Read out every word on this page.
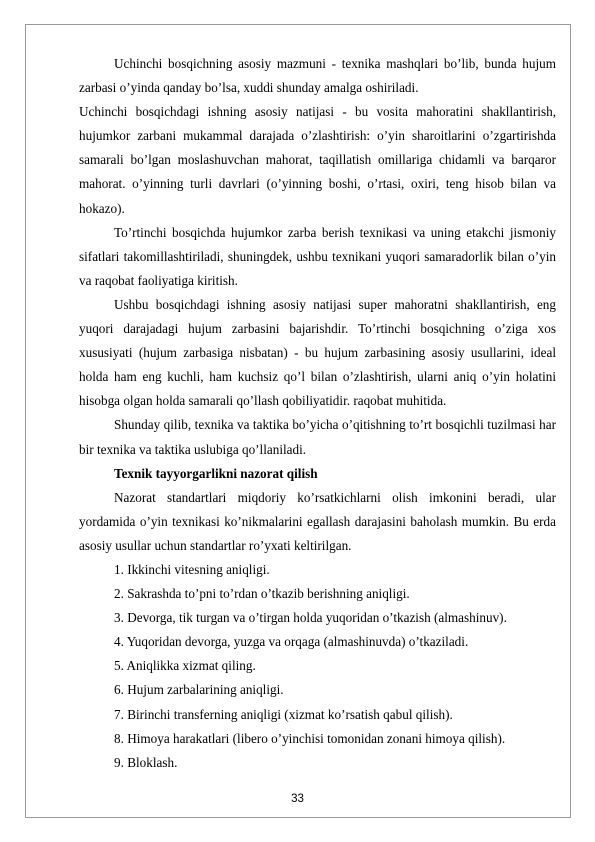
Uchinchi bosqichning asosiy mazmuni - texnika mashqlari bo’lib, bunda hujum zarbasi o’yinda qanday bo’lsa, xuddi shunday amalga oshiriladi.

Uchinchi bosqichdagi ishning asosiy natijasi - bu vosita mahoratini shakllantirish, hujumkor zarbani mukammal darajada o’zlashtirish: o’yin sharoitlarini o’zgartirishda samarali bo’lgan moslashuvchan mahorat, taqillatish omillariga chidamli va barqaror mahorat. o’yinning turli davrlari (o’yinning boshi, o’rtasi, oxiri, teng hisob bilan va hokazo).

To’rtinchi bosqichda hujumkor zarba berish texnikasi va uning etakchi jismoniy sifatlari takomillashtiriladi, shuningdek, ushbu texnikani yuqori samaradorlik bilan o’yin va raqobat faoliyatiga kiritish.

Ushbu bosqichdagi ishning asosiy natijasi super mahoratni shakllantirish, eng yuqori darajadagi hujum zarbasini bajarishdir. To’rtinchi bosqichning o’ziga xos xususiyati (hujum zarbasiga nisbatan) - bu hujum zarbasining asosiy usullarini, ideal holda ham eng kuchli, ham kuchsiz qo’l bilan o’zlashtirish, ularni aniq o’yin holatini hisobga olgan holda samarali qo’llash qobiliyatidir. raqobat muhitida.

Shunday qilib, texnika va taktika bo’yicha o’qitishning to’rt bosqichli tuzilmasi har bir texnika va taktika uslubiga qo’llaniladi.

Texnik tayyorgarlikni nazorat qilish

Nazorat standartlari miqdoriy ko’rsatkichlarni olish imkonini beradi, ular yordamida o’yin texnikasi ko’nikmalarini egallash darajasini baholash mumkin. Bu erda asosiy usullar uchun standartlar ro’yxati keltirilgan.

1. Ikkinchi vitesning aniqligi.
2. Sakrashda to’pni to’rdan o’tkazib berishning aniqligi.
3. Devorga, tik turgan va o’tirgan holda yuqoridan o’tkazish (almashinuv).
4. Yuqoridan devorga, yuzga va orqaga (almashinuvda) o’tkaziladi.
5. Aniqlikka xizmat qiling.
6. Hujum zarbalarining aniqligi.
7. Birinchi transferning aniqligi (xizmat ko’rsatish qabul qilish).
8. Himoya harakatlari (libero o’yinchisi tomonidan zonani himoya qilish).
9. Bloklash.
33
